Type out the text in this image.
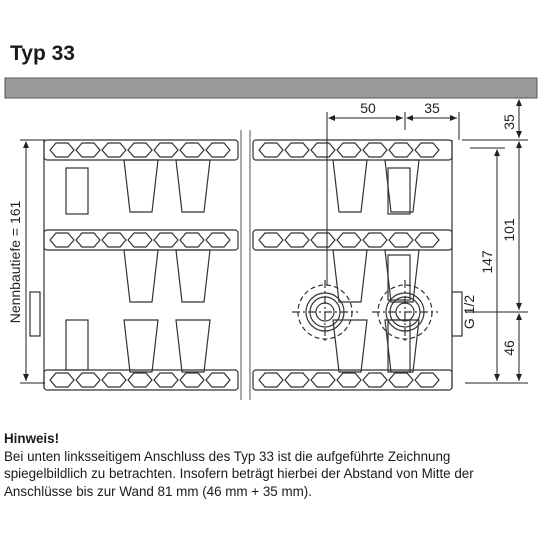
Typ 33
50	35
35
101
147
46
G 1/2
Nennbautiefe = 161

Hinweis!

Bei unten linksseitigem Anschluss des Typ 33 ist die aufgeführte Zeichnung spiegelbildlich zu betrachten. Insofern beträgt hierbei der Abstand von Mitte der Anschlüsse bis zur Wand 81 mm (46 mm + 35 mm).
